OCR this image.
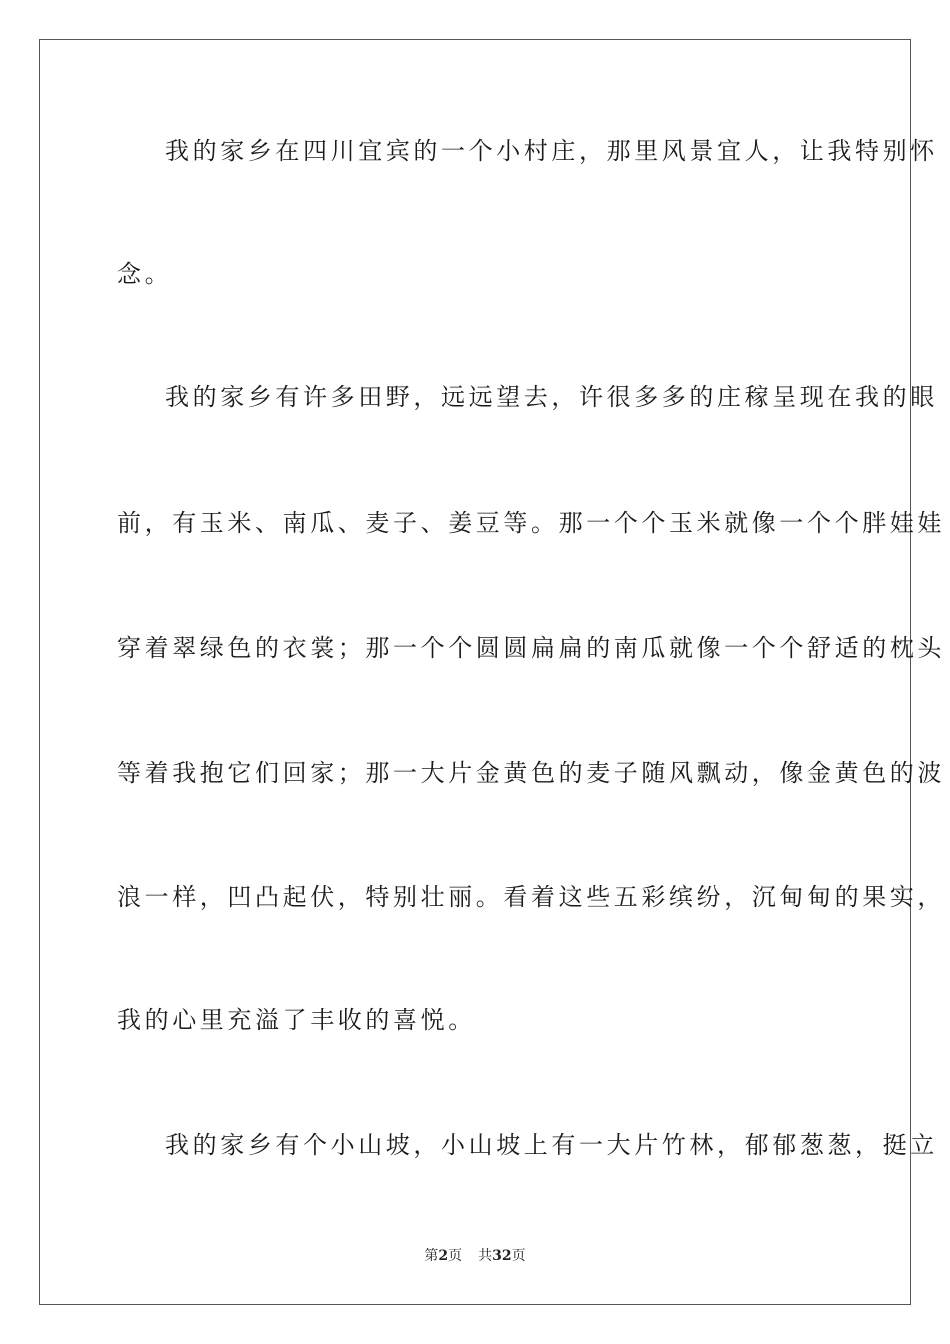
我的家乡在四川宜宾的一个小村庄，那里风景宜人，让我特别怀
念。
我的家乡有许多田野，远远望去，许很多多的庄稼呈现在我的眼
前，有玉米、南瓜、麦子、姜豆等。那一个个玉米就像一个个胖娃娃
穿着翠绿色的衣裳；那一个个圆圆扁扁的南瓜就像一个个舒适的枕头
等着我抱它们回家；那一大片金黄色的麦子随风飘动，像金黄色的波
浪一样，凹凸起伏，特别壮丽。看着这些五彩缤纷，沉甸甸的果实，
我的心里充溢了丰收的喜悦。
我的家乡有个小山坡，小山坡上有一大片竹林，郁郁葱葱，挺立
第2页 共32页
